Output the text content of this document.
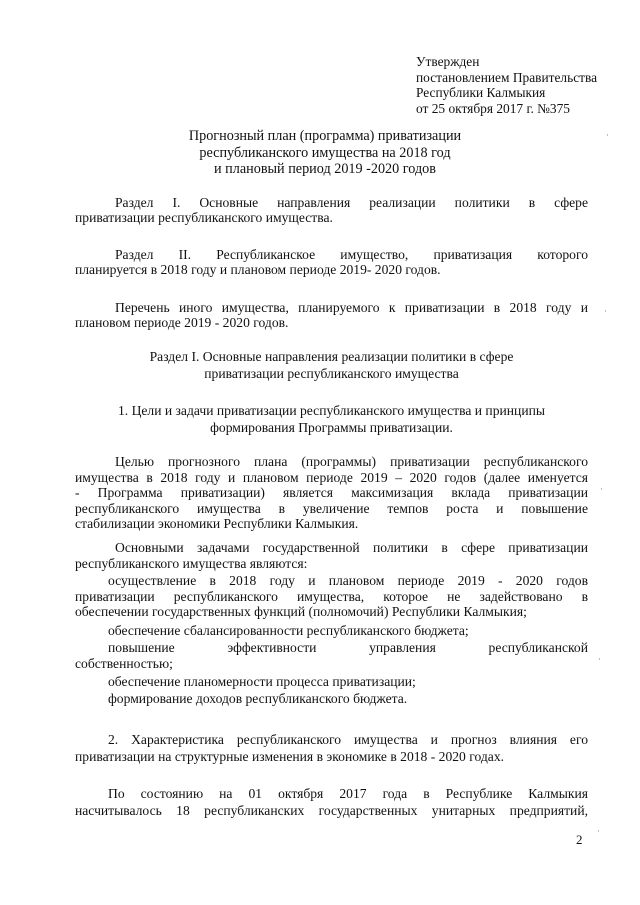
Утвержден
постановлением Правительства
Республики Калмыкия
от 25 октября 2017 г. №375
Прогнозный план (программа) приватизации
республиканского имущества на 2018 год
и плановый период 2019 -2020 годов
Раздел I. Основные направления реализации политики в сфере
приватизации республиканского имущества.
Раздел II. Республиканское имущество, приватизация которого
планируется в 2018 году и плановом периоде 2019- 2020 годов.
Перечень иного имущества, планируемого к приватизации в 2018 году и
плановом периоде 2019 - 2020 годов.
Раздел I. Основные направления реализации политики в сфере
приватизации республиканского имущества
1. Цели и задачи приватизации республиканского имущества и принципы
формирования Программы приватизации.
Целью прогнозного плана (программы) приватизации республиканского
имущества в 2018 году и плановом периоде 2019 – 2020 годов (далее именуется
- Программа приватизации) является максимизация вклада приватизации
республиканского имущества в увеличение темпов роста и повышение
стабилизации экономики Республики Калмыкия.
Основными задачами государственной политики в сфере приватизации
республиканского имущества являются:
осуществление в 2018 году и плановом периоде 2019 - 2020 годов
приватизации республиканского имущества, которое не задействовано в
обеспечении государственных функций (полномочий) Республики Калмыкия;
обеспечение сбалансированности республиканского бюджета;
повышение эффективности управления республиканской
собственностью;
обеспечение планомерности процесса приватизации;
формирование доходов республиканского бюджета.
2. Характеристика республиканского имущества и прогноз влияния его
приватизации на структурные изменения в экономике в 2018 - 2020 годах.
По состоянию на 01 октября 2017 года в Республике Калмыкия
насчитывалось 18 республиканских государственных унитарных предприятий,
2
·
·
·
·
·
